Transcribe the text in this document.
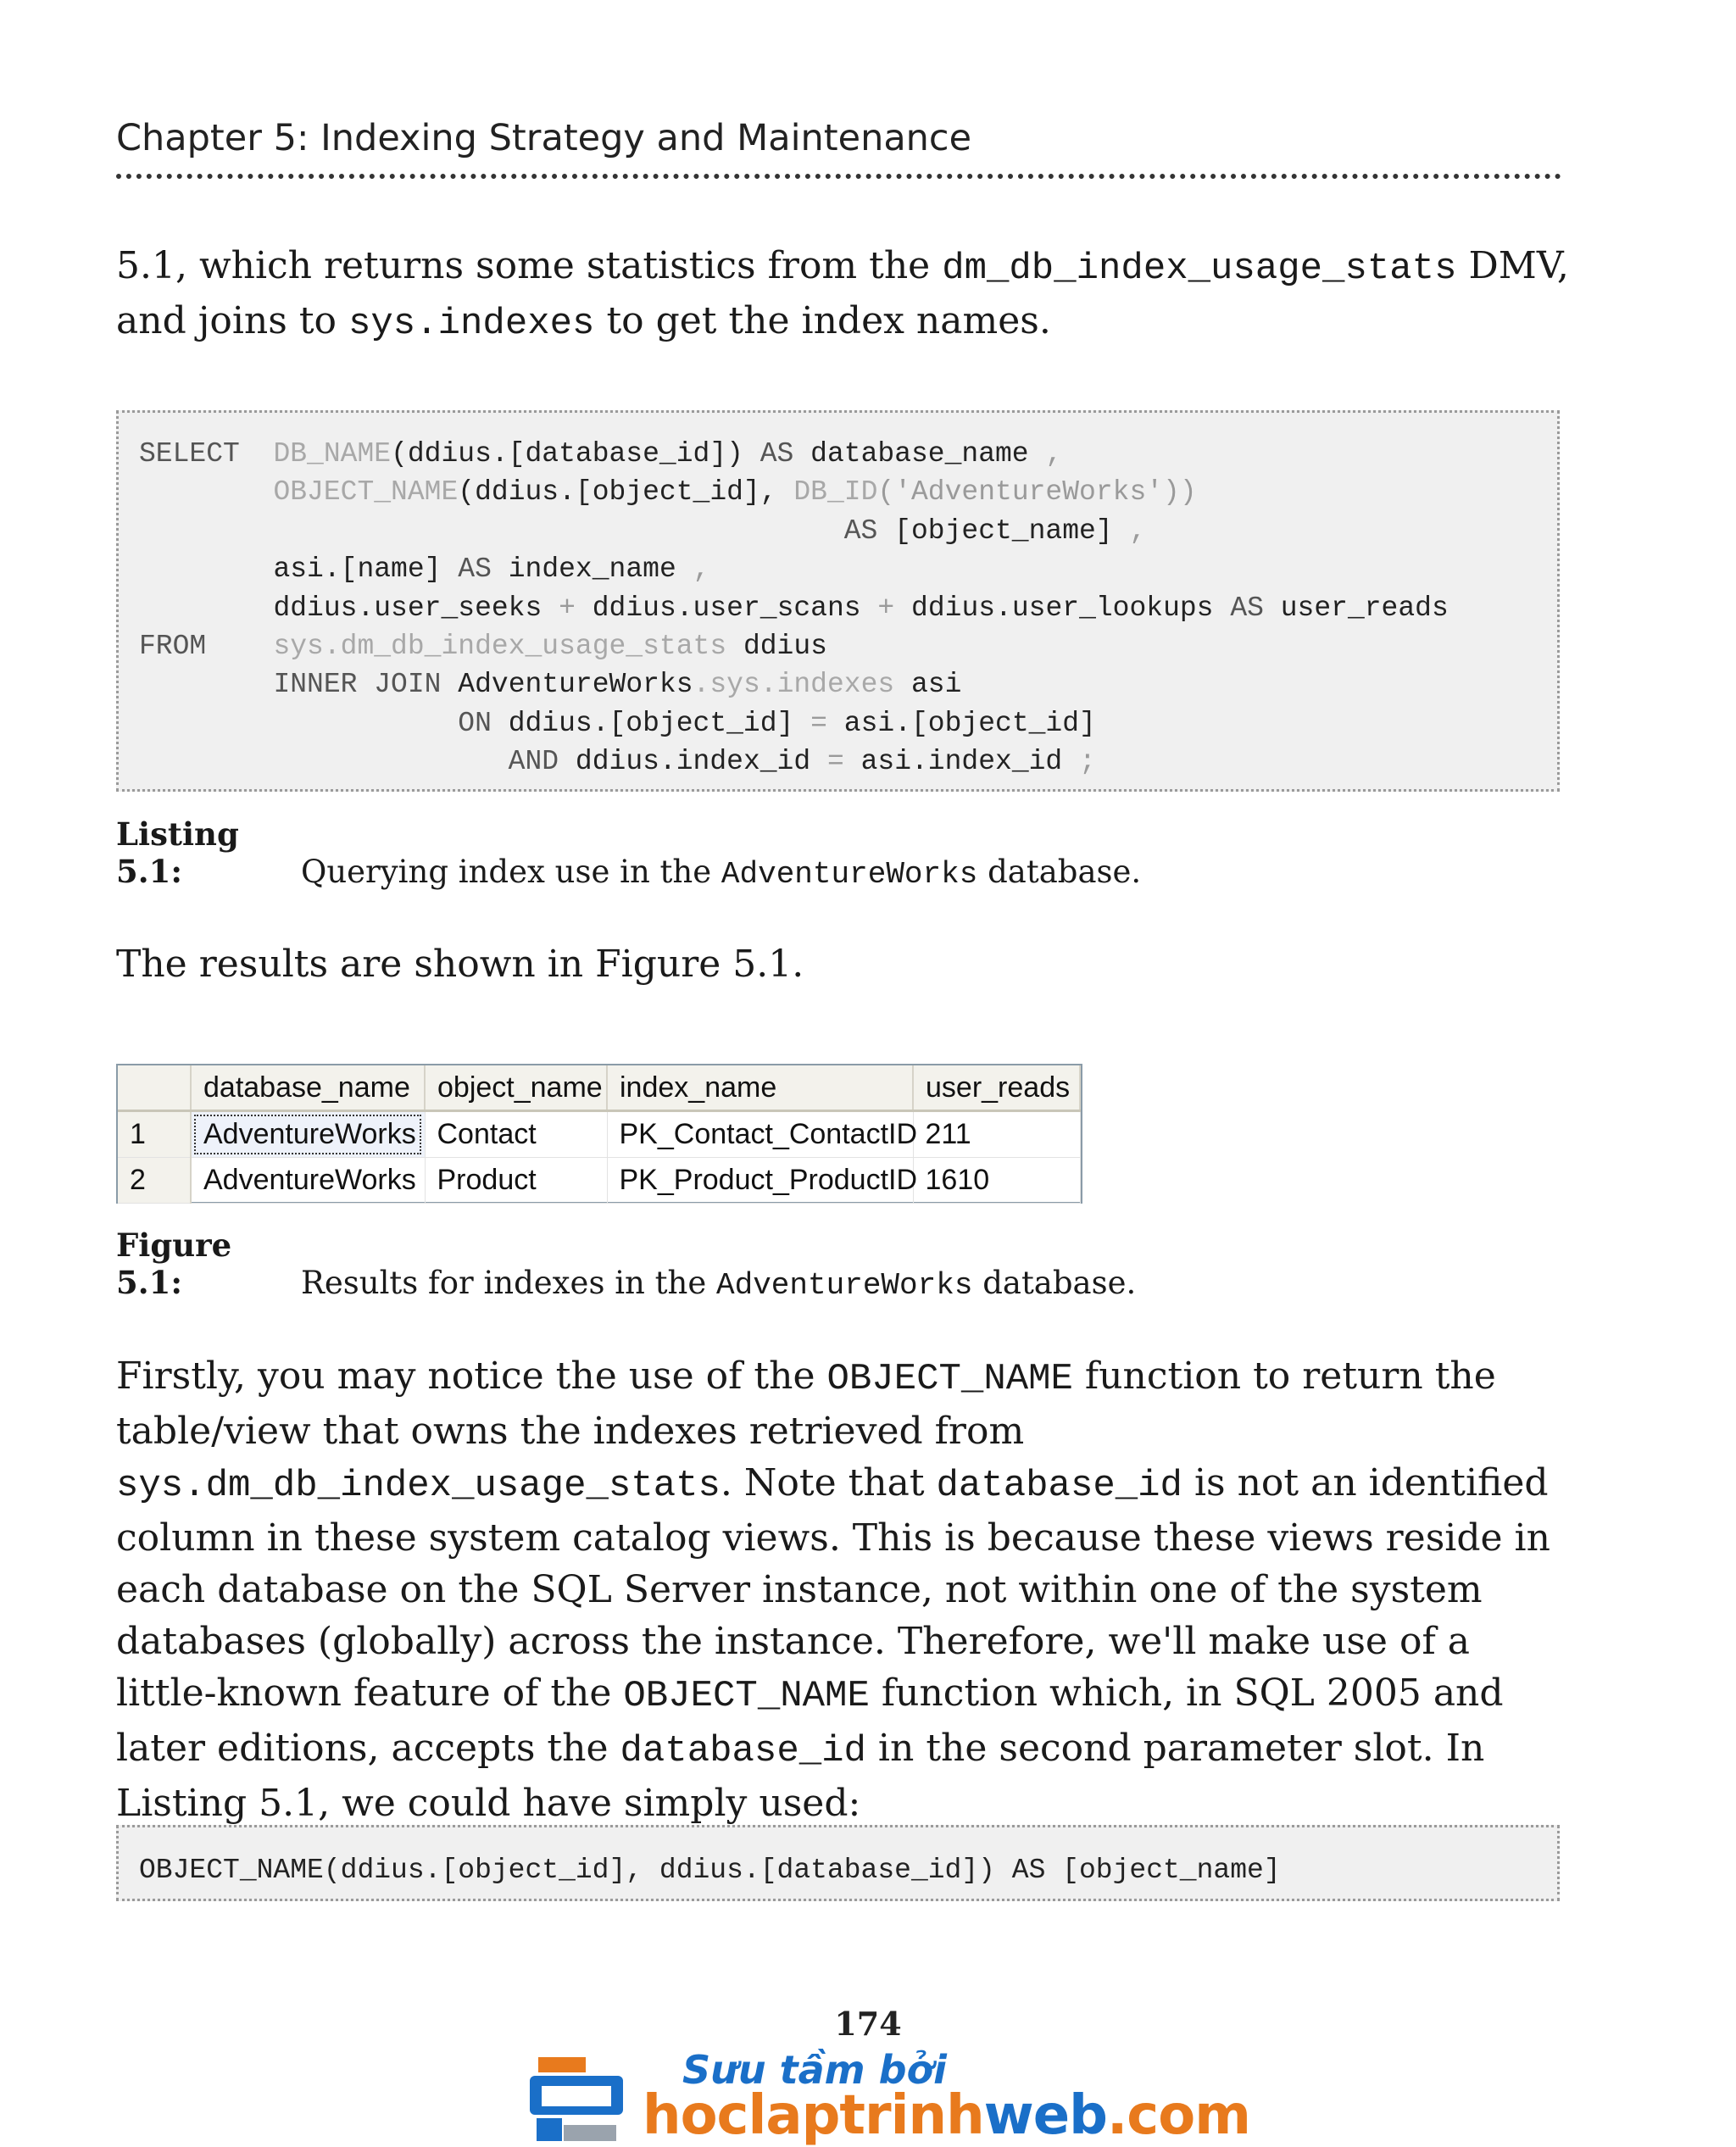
Chapter 5: Indexing Strategy and Maintenance
5.1, which returns some statistics from the dm_db_index_usage_stats DMV, and joins to sys.indexes to get the index names.
SELECT DB_NAME(ddius.[database_id]) AS database_name ,
OBJECT_NAME(ddius.[object_id], DB_ID('AdventureWorks'))
AS [object_name] ,
asi.[name] AS index_name ,
ddius.user_seeks + ddius.user_scans + ddius.user_lookups AS user_reads
FROM sys.dm_db_index_usage_stats ddius
INNER JOIN AdventureWorks.sys.indexes asi
ON ddius.[object_id] = asi.[object_id]
AND ddius.index_id = asi.index_id ;
Listing 5.1:	Querying index use in the AdventureWorks database.
The results are shown in Figure 5.1.
	database_name	object_name	index_name	user_reads
1	AdventureWorks	Contact	PK_Contact_ContactID	211
2	AdventureWorks	Product	PK_Product_ProductID	1610
Figure 5.1:	Results for indexes in the AdventureWorks database.
Firstly, you may notice the use of the OBJECT_NAME function to return the table/view that owns the indexes retrieved from sys.dm_db_index_usage_stats. Note that database_id is not an identified column in these system catalog views. This is because these views reside in each database on the SQL Server instance, not within one of the system databases (globally) across the instance. Therefore, we'll make use of a little-known feature of the OBJECT_NAME function which, in SQL 2005 and later editions, accepts the database_id in the second parameter slot. In Listing 5.1, we could have simply used:
OBJECT_NAME(ddius.[object_id], ddius.[database_id]) AS [object_name]
174
Sưu tầm bởi
hoclaptrinhweb.com
